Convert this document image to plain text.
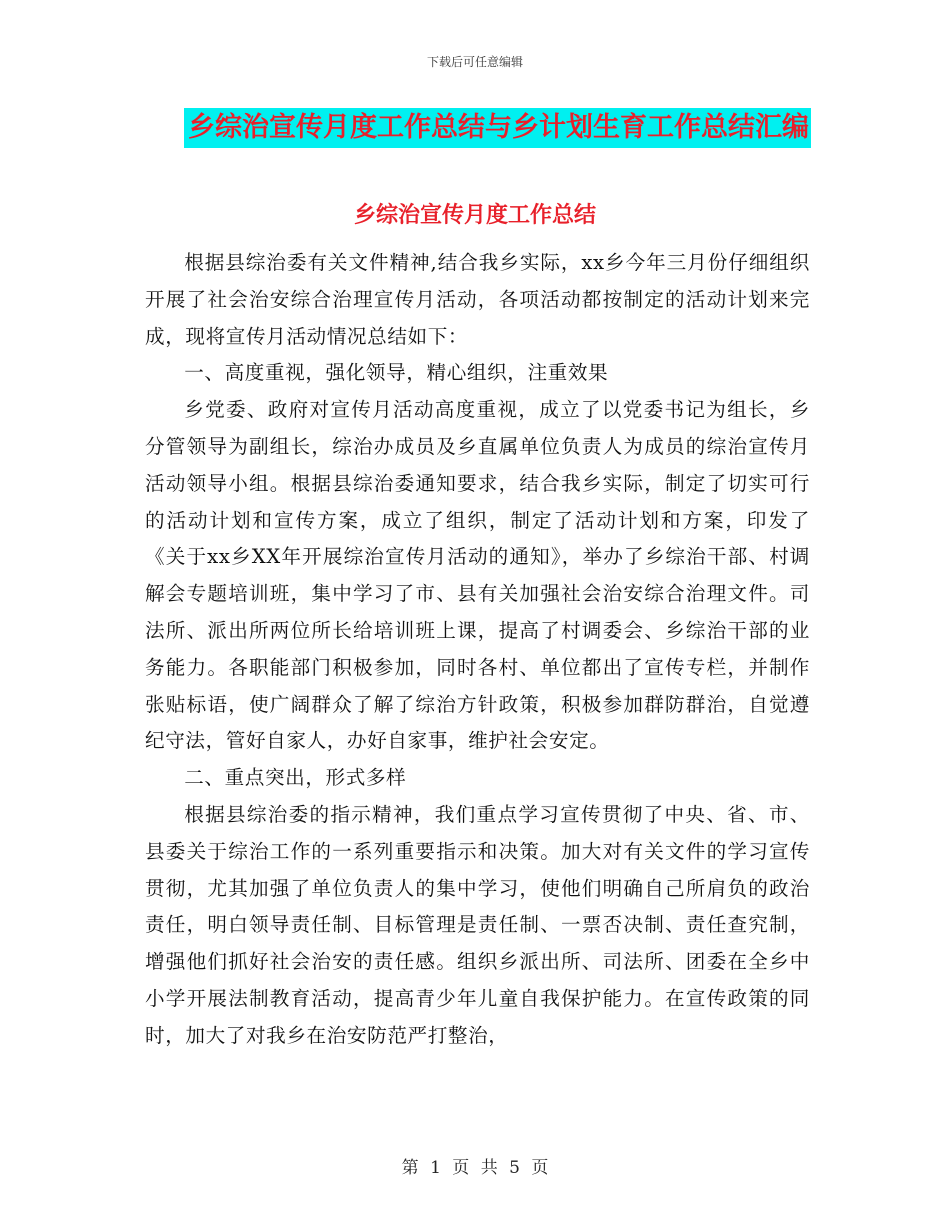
下载后可任意编辑
乡综治宣传月度工作总结与乡计划生育工作总结汇编
乡综治宣传月度工作总结

根据县综治委有关文件精神,结合我乡实际，xx乡今年三月份仔细组织开展了社会治安综合治理宣传月活动，各项活动都按制定的活动计划来完成，现将宣传月活动情况总结如下：

一、高度重视，强化领导，精心组织，注重效果

乡党委、政府对宣传月活动高度重视，成立了以党委书记为组长，乡分管领导为副组长，综治办成员及乡直属单位负责人为成员的综治宣传月活动领导小组。根据县综治委通知要求，结合我乡实际，制定了切实可行的活动计划和宣传方案，成立了组织，制定了活动计划和方案，印发了《关于xx乡XX年开展综治宣传月活动的通知》，举办了乡综治干部、村调解会专题培训班，集中学习了市、县有关加强社会治安综合治理文件。司法所、派出所两位所长给培训班上课，提高了村调委会、乡综治干部的业务能力。各职能部门积极参加，同时各村、单位都出了宣传专栏，并制作张贴标语，使广阔群众了解了综治方针政策，积极参加群防群治，自觉遵纪守法，管好自家人，办好自家事，维护社会安定。

二、重点突出，形式多样

根据县综治委的指示精神，我们重点学习宣传贯彻了中央、省、市、县委关于综治工作的一系列重要指示和决策。加大对有关文件的学习宣传贯彻，尤其加强了单位负责人的集中学习，使他们明确自己所肩负的政治责任，明白领导责任制、目标管理是责任制、一票否决制、责任查究制，增强他们抓好社会治安的责任感。组织乡派出所、司法所、团委在全乡中小学开展法制教育活动，提高青少年儿童自我保护能力。在宣传政策的同时，加大了对我乡在治安防范严打整治，

第 1 页 共 5 页
